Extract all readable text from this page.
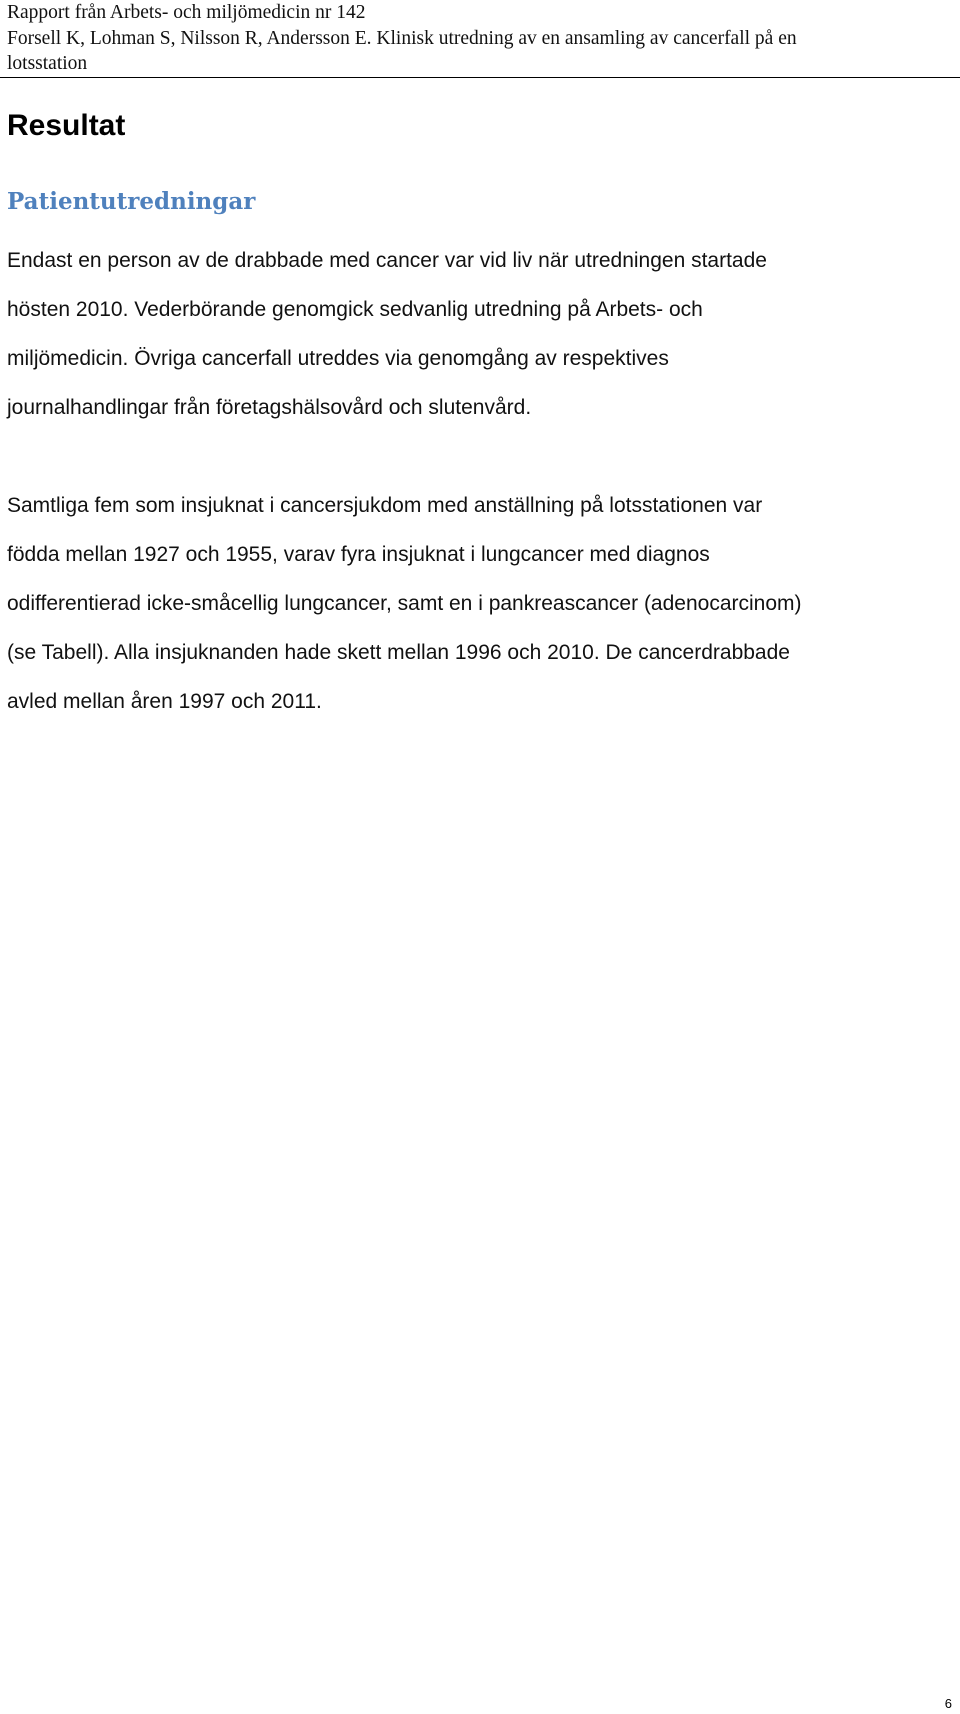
Rapport från Arbets- och miljömedicin nr 142
Forsell K, Lohman S, Nilsson R, Andersson E. Klinisk utredning av en ansamling av cancerfall på en
lotsstation
Resultat
Patientutredningar

Endast en person av de drabbade med cancer var vid liv när utredningen startade
hösten 2010. Vederbörande genomgick sedvanlig utredning på Arbets- och
miljömedicin. Övriga cancerfall utreddes via genomgång av respektives
journalhandlingar från företagshälsovård och slutenvård.

Samtliga fem som insjuknat i cancersjukdom med anställning på lotsstationen var
födda mellan 1927 och 1955, varav fyra insjuknat i lungcancer med diagnos
odifferentierad icke-småcellig lungcancer, samt en i pankreascancer (adenocarcinom)
(se Tabell). Alla insjuknanden hade skett mellan 1996 och 2010. De cancerdrabbade
avled mellan åren 1997 och 2011.

6
